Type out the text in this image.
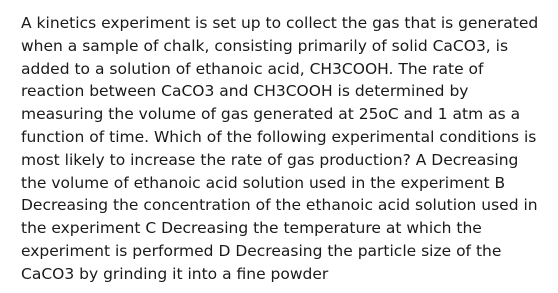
A kinetics experiment is set up to collect the gas that is generated when a sample of chalk, consisting primarily of solid CaCO3, is added to a solution of ethanoic acid, CH3COOH. The rate of reaction between CaCO3 and CH3COOH is determined by measuring the volume of gas generated at 25oC and 1 atm as a function of time. Which of the following experimental conditions is most likely to increase the rate of gas production? A Decreasing the volume of ethanoic acid solution used in the experiment B Decreasing the concentration of the ethanoic acid solution used in the experiment C Decreasing the temperature at which the experiment is performed D Decreasing the particle size of the CaCO3 by grinding it into a fine powder
